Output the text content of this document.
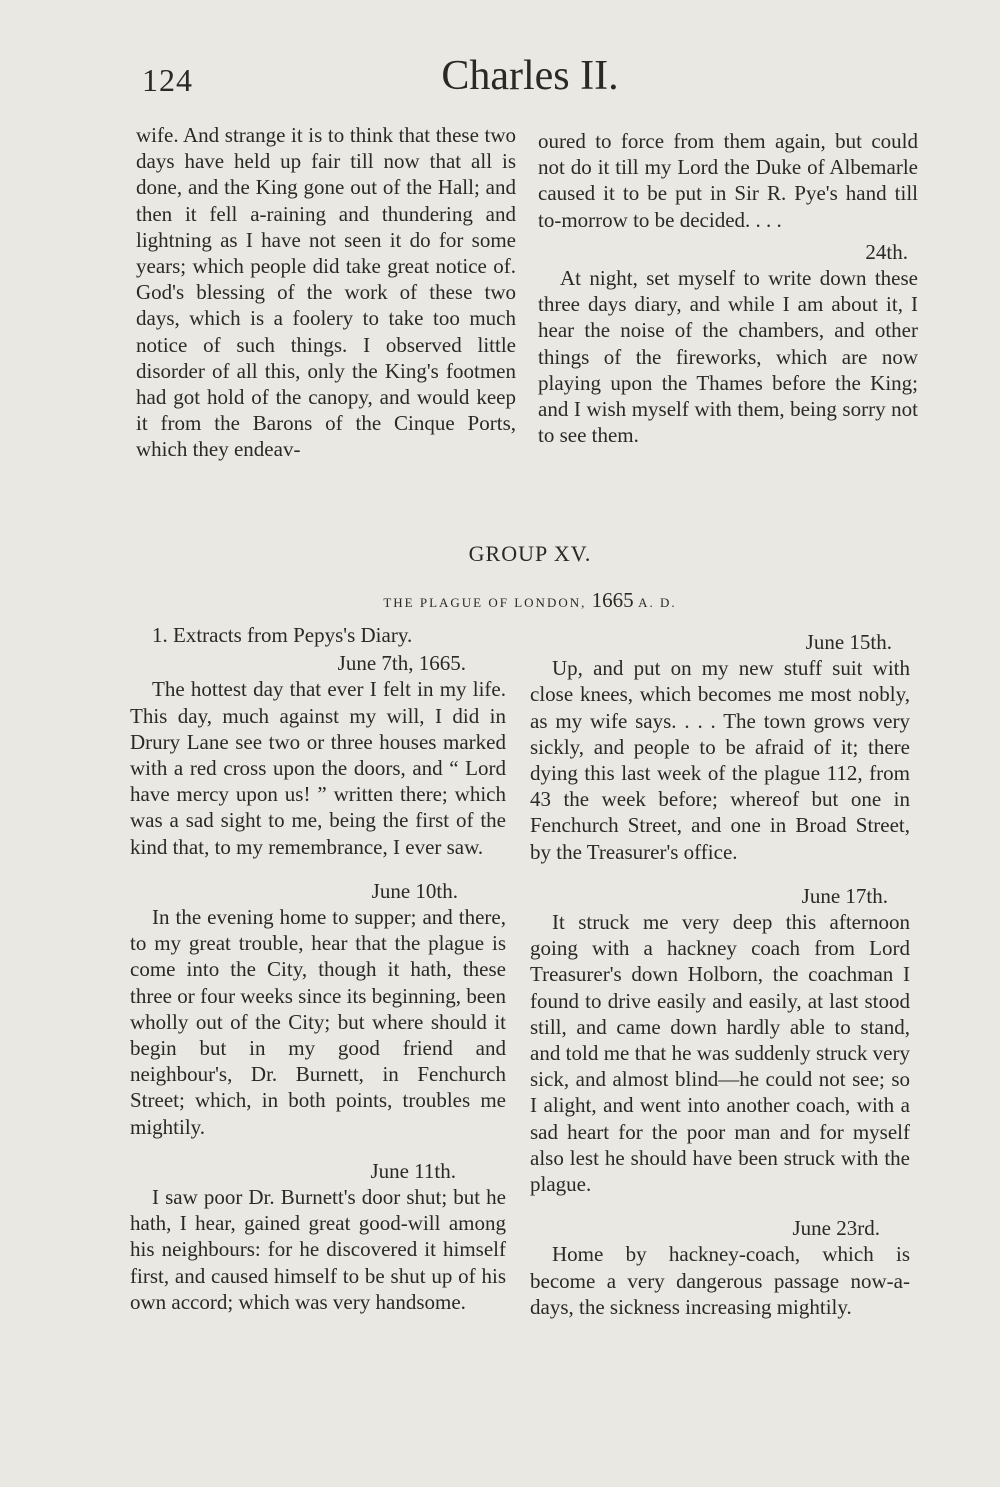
124	Charles II.

wife. And strange it is to think that these two days have held up fair till now that all is done, and the King gone out of the Hall; and then it fell a-raining and thundering and lightning as I have not seen it do for some years; which people did take great notice of. God's blessing of the work of these two days, which is a foolery to take too much notice of such things. I observed little disorder of all this, only the King's footmen had got hold of the canopy, and would keep it from the Barons of the Cinque Ports, which they endeav-

oured to force from them again, but could not do it till my Lord the Duke of Albemarle caused it to be put in Sir R. Pye's hand till to-morrow to be decided. . . .

24th.

At night, set myself to write down these three days diary, and while I am about it, I hear the noise of the chambers, and other things of the fireworks, which are now playing upon the Thames before the King; and I wish myself with them, being sorry not to see them.

GROUP XV.
THE PLAGUE OF LONDON, 1665 A. D.

1. Extracts from Pepys's Diary.

June 7th, 1665.

The hottest day that ever I felt in my life. This day, much against my will, I did in Drury Lane see two or three houses marked with a red cross upon the doors, and “ Lord have mercy upon us! ” written there; which was a sad sight to me, being the first of the kind that, to my remembrance, I ever saw.

June 10th.

In the evening home to supper; and there, to my great trouble, hear that the plague is come into the City, though it hath, these three or four weeks since its beginning, been wholly out of the City; but where should it begin but in my good friend and neighbour's, Dr. Burnett, in Fenchurch Street; which, in both points, troubles me mightily.

June 11th.

I saw poor Dr. Burnett's door shut; but he hath, I hear, gained great good-will among his neighbours: for he discovered it himself first, and caused himself to be shut up of his own accord; which was very handsome.

June 15th.

Up, and put on my new stuff suit with close knees, which becomes me most nobly, as my wife says. . . . The town grows very sickly, and people to be afraid of it; there dying this last week of the plague 112, from 43 the week before; whereof but one in Fenchurch Street, and one in Broad Street, by the Treasurer's office.

June 17th.

It struck me very deep this afternoon going with a hackney coach from Lord Treasurer's down Holborn, the coachman I found to drive easily and easily, at last stood still, and came down hardly able to stand, and told me that he was suddenly struck very sick, and almost blind—he could not see; so I alight, and went into another coach, with a sad heart for the poor man and for myself also lest he should have been struck with the plague.

June 23rd.

Home by hackney-coach, which is become a very dangerous passage now-a-days, the sickness increasing mightily.
